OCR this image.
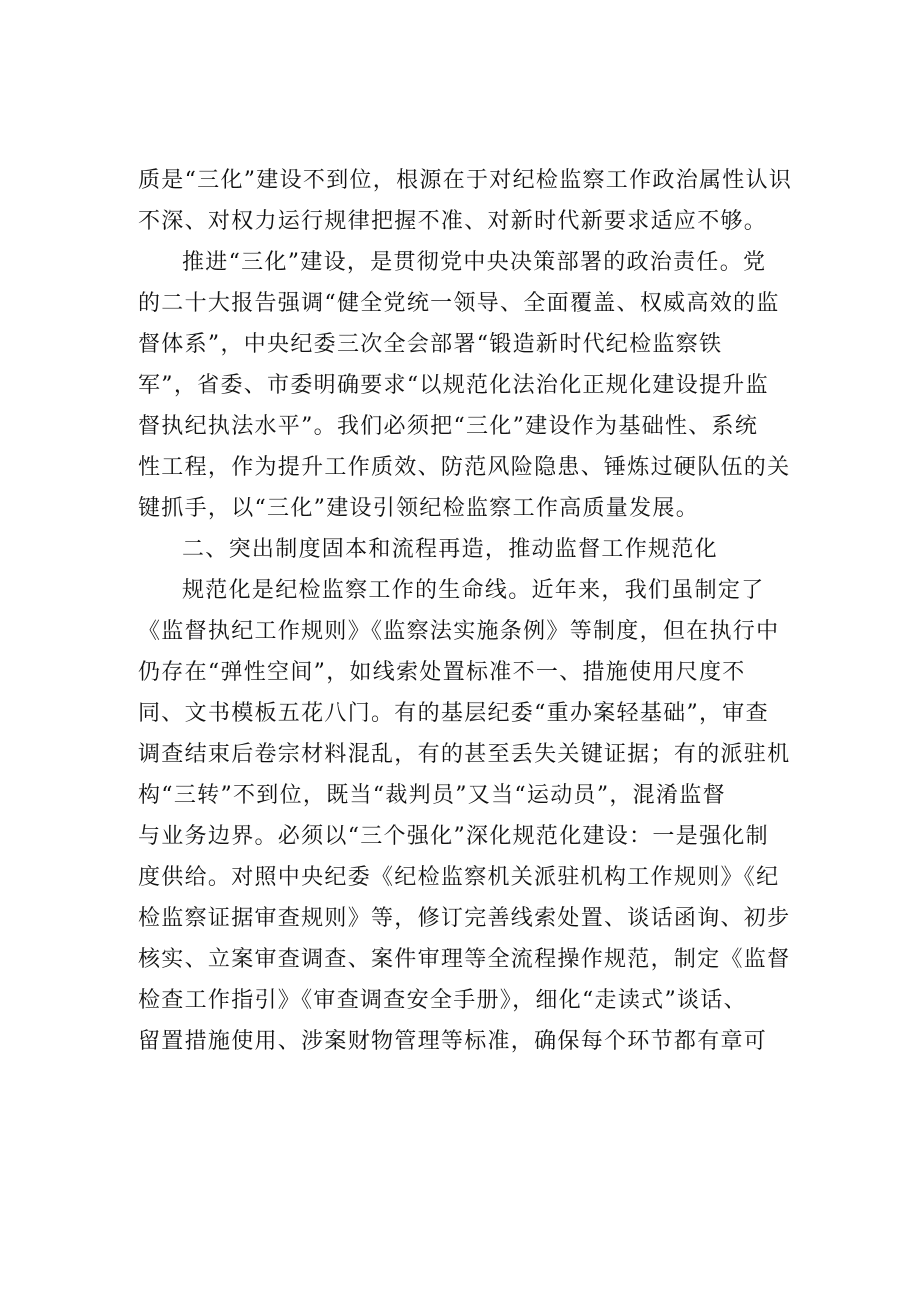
质是“三化”建设不到位，根源在于对纪检监察工作政治属性认识
不深、对权力运行规律把握不准、对新时代新要求适应不够。
推进“三化”建设，是贯彻党中央决策部署的政治责任。党
的二十大报告强调“健全党统一领导、全面覆盖、权威高效的监
督体系”，中央纪委三次全会部署“锻造新时代纪检监察铁
军”，省委、市委明确要求“以规范化法治化正规化建设提升监
督执纪执法水平”。我们必须把“三化”建设作为基础性、系统
性工程，作为提升工作质效、防范风险隐患、锤炼过硬队伍的关
键抓手，以“三化”建设引领纪检监察工作高质量发展。
二、突出制度固本和流程再造，推动监督工作规范化
规范化是纪检监察工作的生命线。近年来，我们虽制定了
《监督执纪工作规则》《监察法实施条例》等制度，但在执行中
仍存在“弹性空间”，如线索处置标准不一、措施使用尺度不
同、文书模板五花八门。有的基层纪委“重办案轻基础”，审查
调查结束后卷宗材料混乱，有的甚至丢失关键证据；有的派驻机
构“三转”不到位，既当“裁判员”又当“运动员”，混淆监督
与业务边界。必须以“三个强化”深化规范化建设：一是强化制
度供给。对照中央纪委《纪检监察机关派驻机构工作规则》《纪
检监察证据审查规则》等，修订完善线索处置、谈话函询、初步
核实、立案审查调查、案件审理等全流程操作规范，制定《监督
检查工作指引》《审查调查安全手册》，细化“走读式”谈话、
留置措施使用、涉案财物管理等标准，确保每个环节都有章可
